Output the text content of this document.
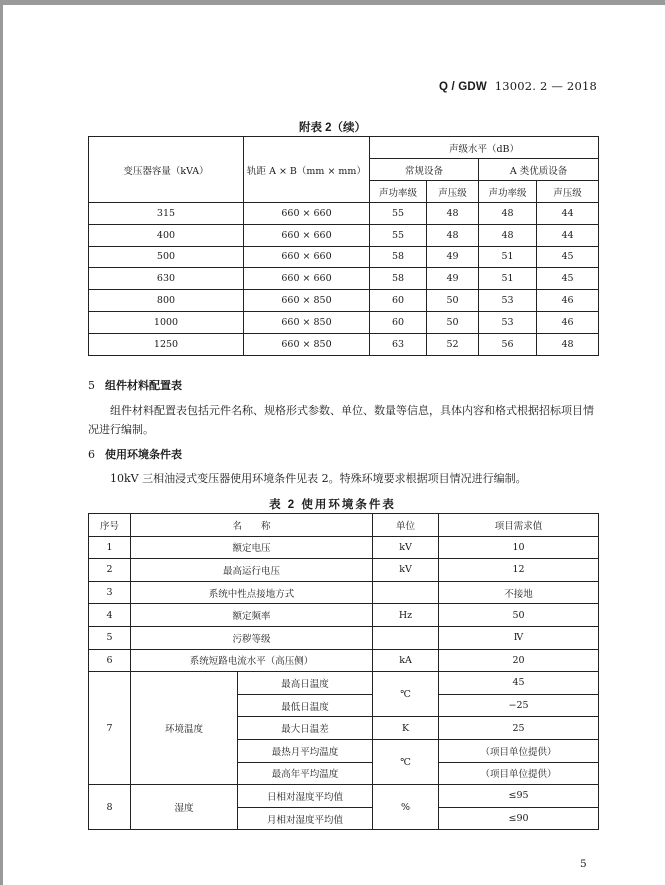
Q / GDW 13002. 2 — 2018
附表 2（续）
变压器容量（kVA）	轨距 A × B（mm × mm）	声级水平（dB）			
		常规设备		A 类优质设备	
		声功率级	声压级	声功率级	声压级
315	660 × 660	55	48	48	44
400	660 × 660	55	48	48	44
500	660 × 660	58	49	51	45
630	660 × 660	58	49	51	45
800	660 × 850	60	50	53	46
1000	660 × 850	60	50	53	46
1250	660 × 850	63	52	56	48
5 组件材料配置表
组件材料配置表包括元件名称、规格形式参数、单位、数量等信息，具体内容和格式根据招标项目情况进行编制。
6 使用环境条件表
10kV 三相油浸式变压器使用环境条件见表 2。特殊环境要求根据项目情况进行编制。
表 2 使用环境条件表
序号	名　　称		单位	项目需求值
1	额定电压		kV	10
2	最高运行电压		kV	12
3	系统中性点接地方式			不接地
4	额定频率		Hz	50
5	污秽等级			Ⅳ
6	系统短路电流水平（高压侧）		kA	20
7	环境温度	最高日温度	℃	45
		最低日温度		−25
		最大日温差	K	25
		最热月平均温度	℃	（项目单位提供）
		最高年平均温度		（项目单位提供）
8	湿度	日相对湿度平均值	%	≤95
		月相对湿度平均值		≤90
5
